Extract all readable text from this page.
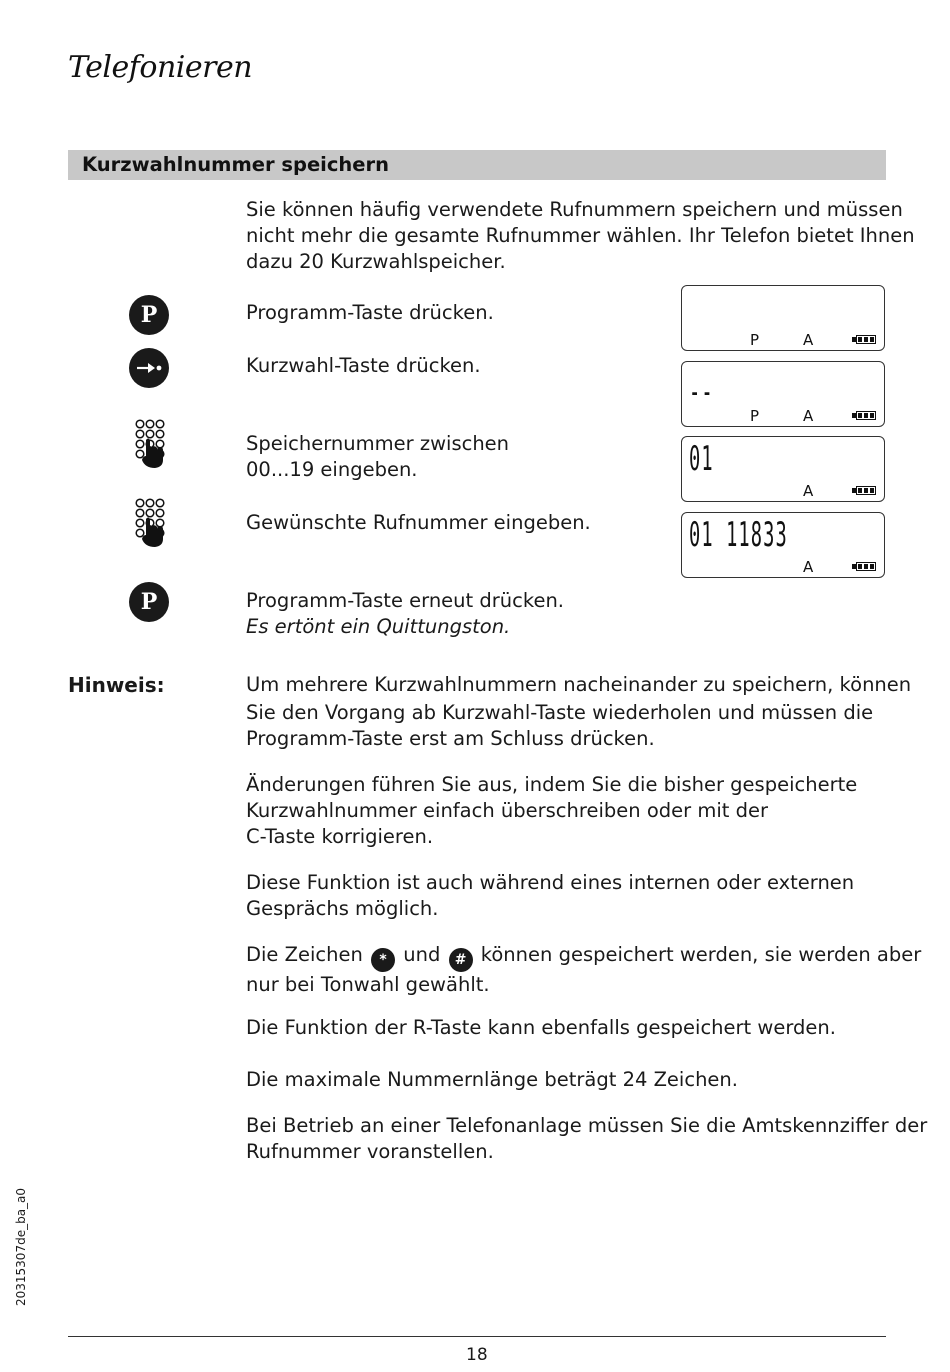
Telefonieren
Kurzwahlnummer speichern
Sie können häufig verwendete Rufnummern speichern und müssen
nicht mehr die gesamte Rufnummer wählen. Ihr Telefon bietet Ihnen
dazu 20 Kurzwahlspeicher.
P	Programm-Taste drücken.
Kurzwahl-Taste drücken.
Speichernummer zwischen
00...19 eingeben.
Gewünschte Rufnummer eingeben.
P	Programm-Taste erneut drücken.
Es ertönt ein Quittungston.
P	A
--
P	A
01
A
01 11833
A
Hinweis:	Um mehrere Kurzwahlnummern nacheinander zu speichern, können
Sie den Vorgang ab Kurzwahl-Taste wiederholen und müssen die
Programm-Taste erst am Schluss drücken.
Änderungen führen Sie aus, indem Sie die bisher gespeicherte
Kurzwahlnummer einfach überschreiben oder mit der
C-Taste korrigieren.
Diese Funktion ist auch während eines internen oder externen
Gesprächs möglich.
Die Zeichen * und # können gespeichert werden, sie werden aber
nur bei Tonwahl gewählt.
Die Funktion der R-Taste kann ebenfalls gespeichert werden.
Die maximale Nummernlänge beträgt 24 Zeichen.
Bei Betrieb an einer Telefonanlage müssen Sie die Amtskennziffer der
Rufnummer voranstellen.
20315307de_ba_a0
18
